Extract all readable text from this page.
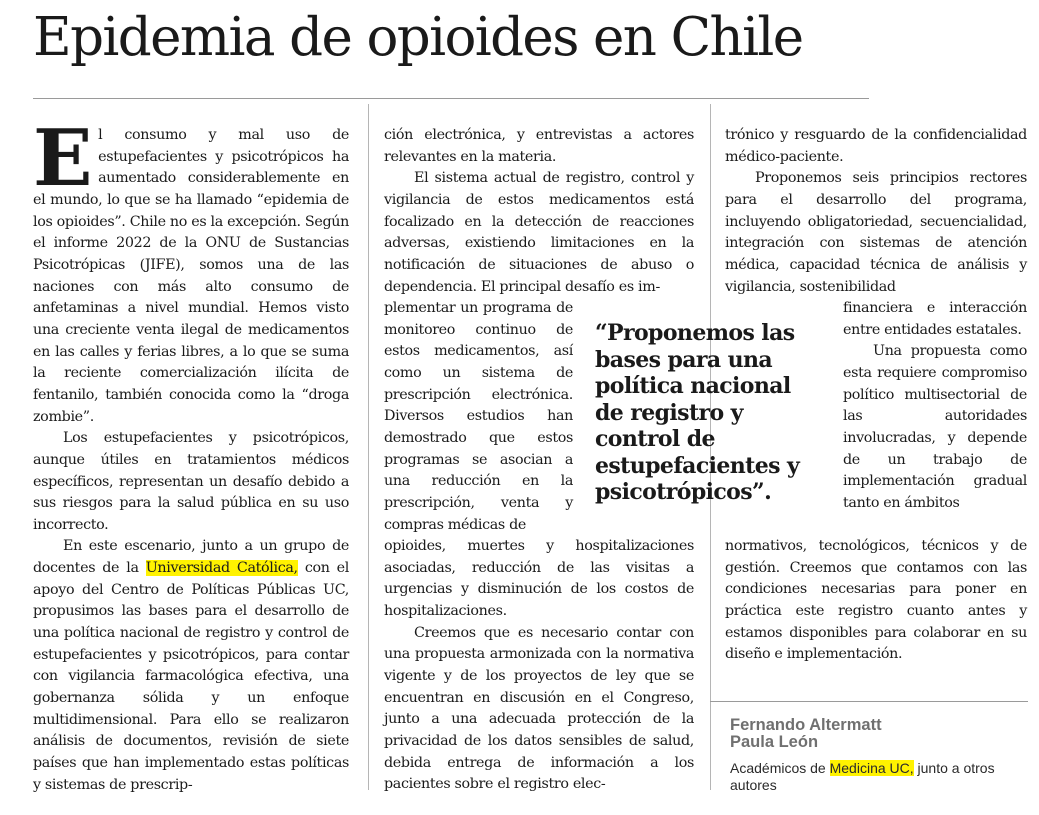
Epidemia de opioides en Chile

El consumo y mal uso de estupefacientes y psicotrópicos ha aumentado considerablemente en el mundo, lo que se ha llamado “epidemia de los opioides”. Chile no es la excepción. Según el informe 2022 de la ONU de Sustancias Psicotrópicas (JIFE), somos una de las naciones con más alto consumo de anfetaminas a nivel mundial. Hemos visto una creciente venta ilegal de medicamentos en las calles y ferias libres, a lo que se suma la reciente comercialización ilícita de fentanilo, también conocida como la “droga zombie”.

Los estupefacientes y psicotrópicos, aunque útiles en tratamientos médicos específicos, representan un desafío debido a sus riesgos para la salud pública en su uso incorrecto.

En este escenario, junto a un grupo de docentes de la Universidad Católica, con el apoyo del Centro de Políticas Públicas UC, propusimos las bases para el desarrollo de una política nacional de registro y control de estupefacientes y psicotrópicos, para contar con vigilancia farmacológica efectiva, una gobernanza sólida y un enfoque multidimensional. Para ello se realizaron análisis de documentos, revisión de siete países que han implementado estas políticas y sistemas de prescrip-

ción electrónica, y entrevistas a actores relevantes en la materia.

El sistema actual de registro, control y vigilancia de estos medicamentos está focalizado en la detección de reacciones adversas, existiendo limitaciones en la notificación de situaciones de abuso o dependencia. El principal desafío es im-

plementar un programa de monitoreo continuo de estos medicamentos, así como un sistema de prescripción electrónica. Diversos estudios han demostrado que estos programas se asocian a una reducción en la prescripción, venta y compras médicas de

opioides, muertes y hospitalizaciones asociadas, reducción de las visitas a urgencias y disminución de los costos de hospitalizaciones.

Creemos que es necesario contar con una propuesta armonizada con la normativa vigente y de los proyectos de ley que se encuentran en discusión en el Congreso, junto a una adecuada protección de la privacidad de los datos sensibles de salud, debida entrega de información a los pacientes sobre el registro elec-

“Proponemos las bases para una política nacional de registro y control de estupefacientes y psicotrópicos”.

trónico y resguardo de la confidencialidad médico-paciente.

Proponemos seis principios rectores para el desarrollo del programa, incluyendo obligatoriedad, secuencialidad, integración con sistemas de atención médica, capacidad técnica de análisis y vigilancia, sostenibilidad

financiera e interacción entre entidades estatales.

Una propuesta como esta requiere compromiso político multisectorial de las autoridades involucradas, y depende de un trabajo de implementación gradual tanto en ámbitos

normativos, tecnológicos, técnicos y de gestión. Creemos que contamos con las condiciones necesarias para poner en práctica este registro cuanto antes y estamos disponibles para colaborar en su diseño e implementación.

Fernando Altermatt
Paula León

Académicos de Medicina UC, junto a otros autores
